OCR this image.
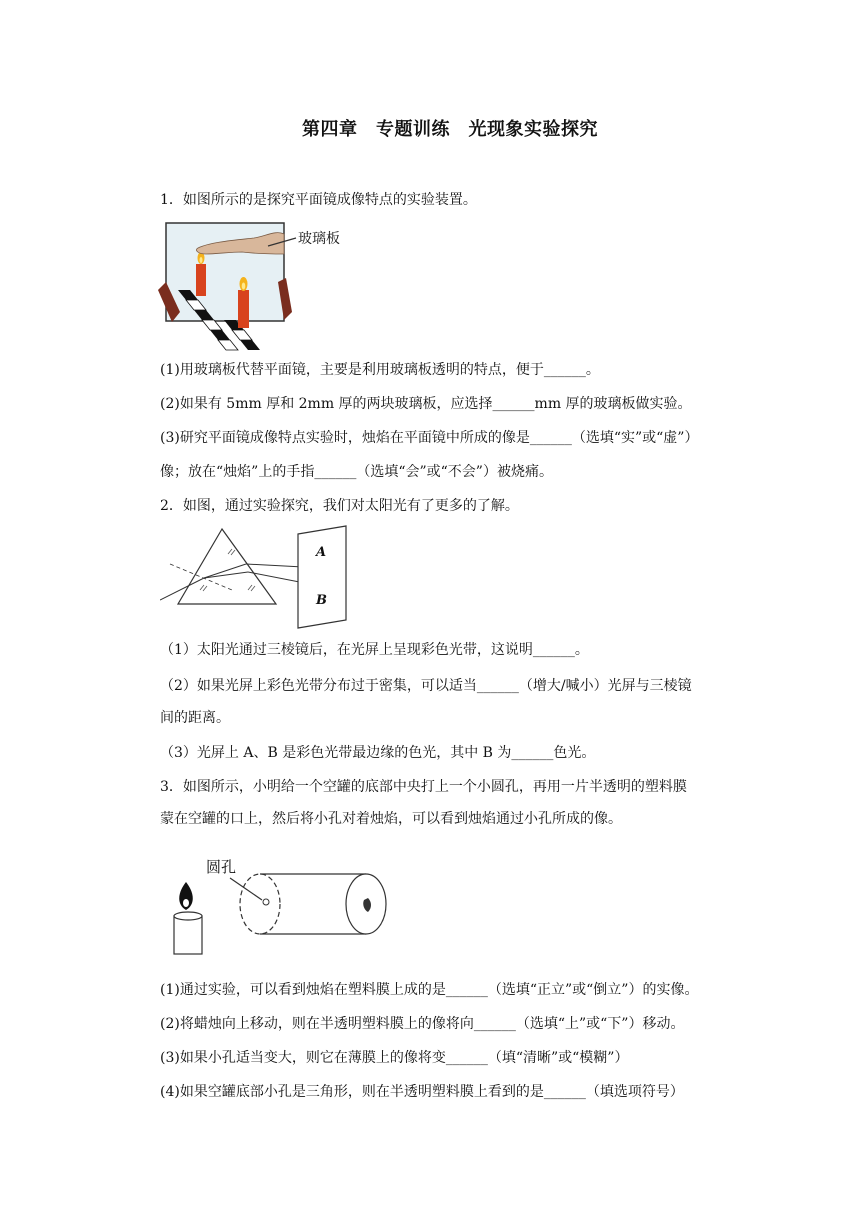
第四章　专题训练　光现象实验探究
1．如图所示的是探究平面镜成像特点的实验装置。
玻璃板
(1)用玻璃板代替平面镜，主要是利用玻璃板透明的特点，便于______。
(2)如果有 5mm 厚和 2mm 厚的两块玻璃板，应选择______mm 厚的玻璃板做实验。
(3)研究平面镜成像特点实验时，烛焰在平面镜中所成的像是______（选填“实”或“虚”）
像；放在“烛焰”上的手指______（选填“会”或“不会”）被烧痛。
2．如图，通过实验探究，我们对太阳光有了更多的了解。
A
B
（1）太阳光通过三棱镜后，在光屏上呈现彩色光带，这说明______。
（2）如果光屏上彩色光带分布过于密集，可以适当______（增大/喊小）光屏与三棱镜
间的距离。
（3）光屏上 A、B 是彩色光带最边缘的色光，其中 B 为______色光。
3．如图所示，小明给一个空罐的底部中央打上一个小圆孔，再用一片半透明的塑料膜
蒙在空罐的口上，然后将小孔对着烛焰，可以看到烛焰通过小孔所成的像。
圆孔
(1)通过实验，可以看到烛焰在塑料膜上成的是______（选填“正立”或“倒立”）的实像。
(2)将蜡烛向上移动，则在半透明塑料膜上的像将向______（选填“上”或“下”）移动。
(3)如果小孔适当变大，则它在薄膜上的像将变______（填“清晰”或“模糊”）
(4)如果空罐底部小孔是三角形，则在半透明塑料膜上看到的是______（填选项符号）
